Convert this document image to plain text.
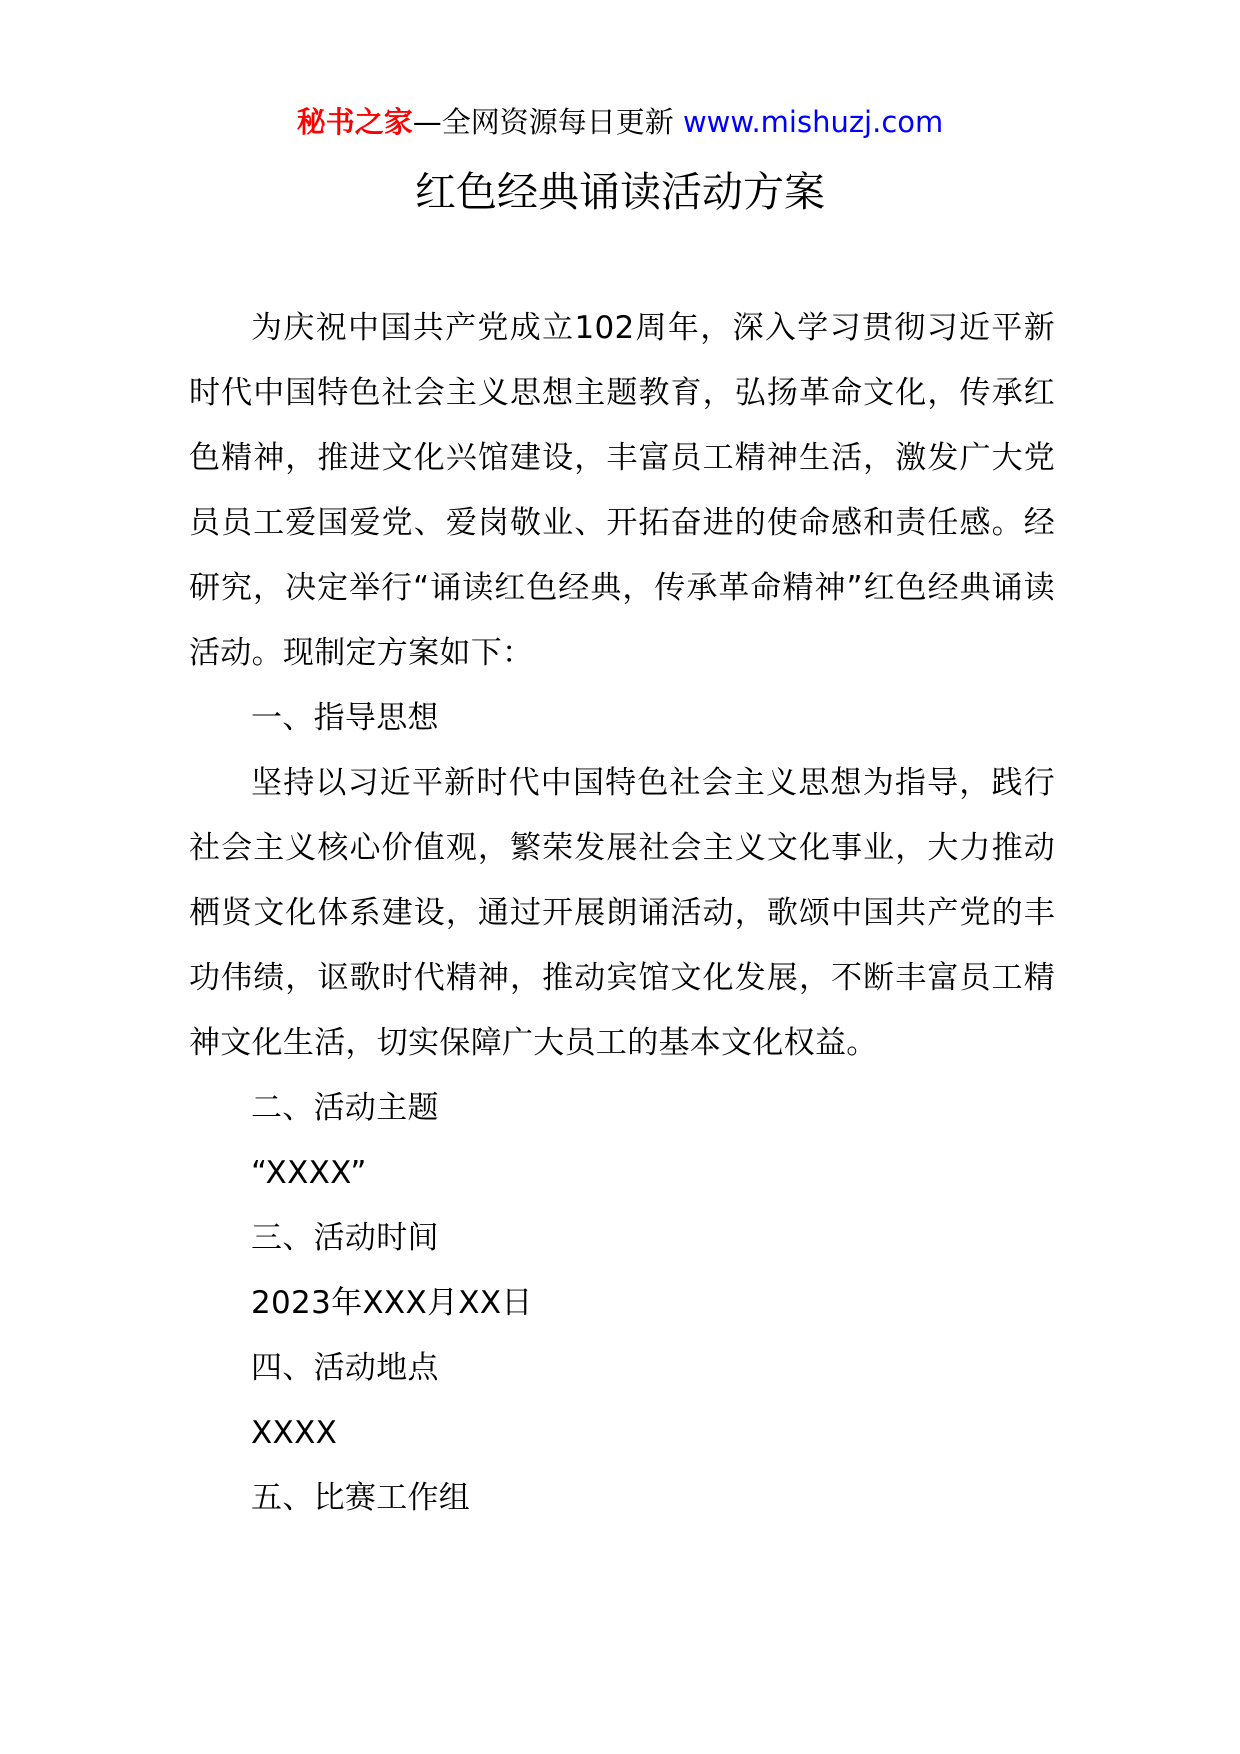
秘书之家—全网资源每日更新 www.mishuzj.com
红色经典诵读活动方案

为庆祝中国共产党成立102周年，深入学习贯彻习近平新时代中国特色社会主义思想主题教育，弘扬革命文化，传承红色精神，推进文化兴馆建设，丰富员工精神生活，激发广大党员员工爱国爱党、爱岗敬业、开拓奋进的使命感和责任感。经研究，决定举行“诵读红色经典，传承革命精神”红色经典诵读活动。现制定方案如下：

一、指导思想

坚持以习近平新时代中国特色社会主义思想为指导，践行社会主义核心价值观，繁荣发展社会主义文化事业，大力推动栖贤文化体系建设，通过开展朗诵活动，歌颂中国共产党的丰功伟绩，讴歌时代精神，推动宾馆文化发展，不断丰富员工精神文化生活，切实保障广大员工的基本文化权益。

二、活动主题

“XXXX”

三、活动时间

2023年XXX月XX日

四、活动地点

XXXX

五、比赛工作组
